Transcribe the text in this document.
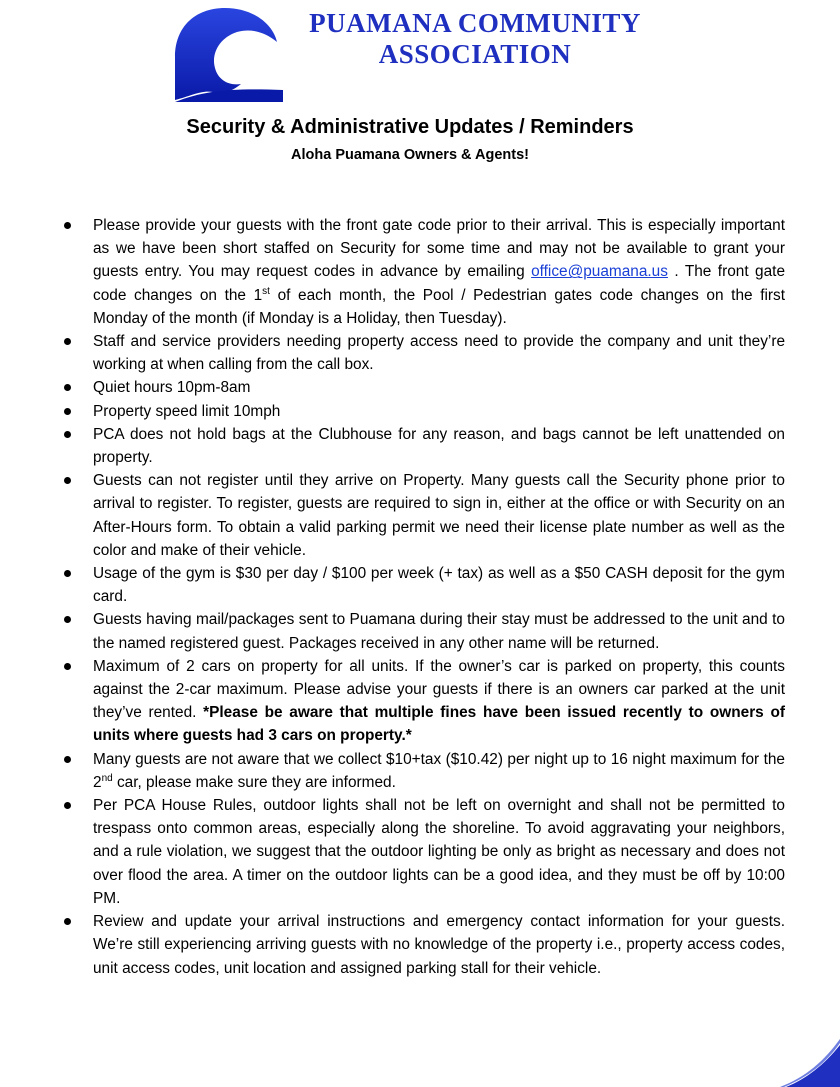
PUAMANA COMMUNITY
ASSOCIATION
Security & Administrative Updates / Reminders
Aloha Puamana Owners & Agents!
Please provide your guests with the front gate code prior to their arrival. This is especially important as we have been short staffed on Security for some time and may not be available to grant your guests entry. You may request codes in advance by emailing office@puamana.us . The front gate code changes on the 1st of each month, the Pool / Pedestrian gates code changes on the first Monday of the month (if Monday is a Holiday, then Tuesday).
Staff and service providers needing property access need to provide the company and unit they’re working at when calling from the call box.
Quiet hours 10pm-8am
Property speed limit 10mph
PCA does not hold bags at the Clubhouse for any reason, and bags cannot be left unattended on property.
Guests can not register until they arrive on Property. Many guests call the Security phone prior to arrival to register. To register, guests are required to sign in, either at the office or with Security on an After-Hours form. To obtain a valid parking permit we need their license plate number as well as the color and make of their vehicle.
Usage of the gym is $30 per day / $100 per week (+ tax) as well as a $50 CASH deposit for the gym card.
Guests having mail/packages sent to Puamana during their stay must be addressed to the unit and to the named registered guest. Packages received in any other name will be returned.
Maximum of 2 cars on property for all units. If the owner’s car is parked on property, this counts against the 2-car maximum. Please advise your guests if there is an owners car parked at the unit they’ve rented. *Please be aware that multiple fines have been issued recently to owners of units where guests had 3 cars on property.*
Many guests are not aware that we collect $10+tax ($10.42) per night up to 16 night maximum for the 2nd car, please make sure they are informed.
Per PCA House Rules, outdoor lights shall not be left on overnight and shall not be permitted to trespass onto common areas, especially along the shoreline. To avoid aggravating your neighbors, and a rule violation, we suggest that the outdoor lighting be only as bright as necessary and does not over flood the area. A timer on the outdoor lights can be a good idea, and they must be off by 10:00 PM.
Review and update your arrival instructions and emergency contact information for your guests. We’re still experiencing arriving guests with no knowledge of the property i.e., property access codes, unit access codes, unit location and assigned parking stall for their vehicle.
